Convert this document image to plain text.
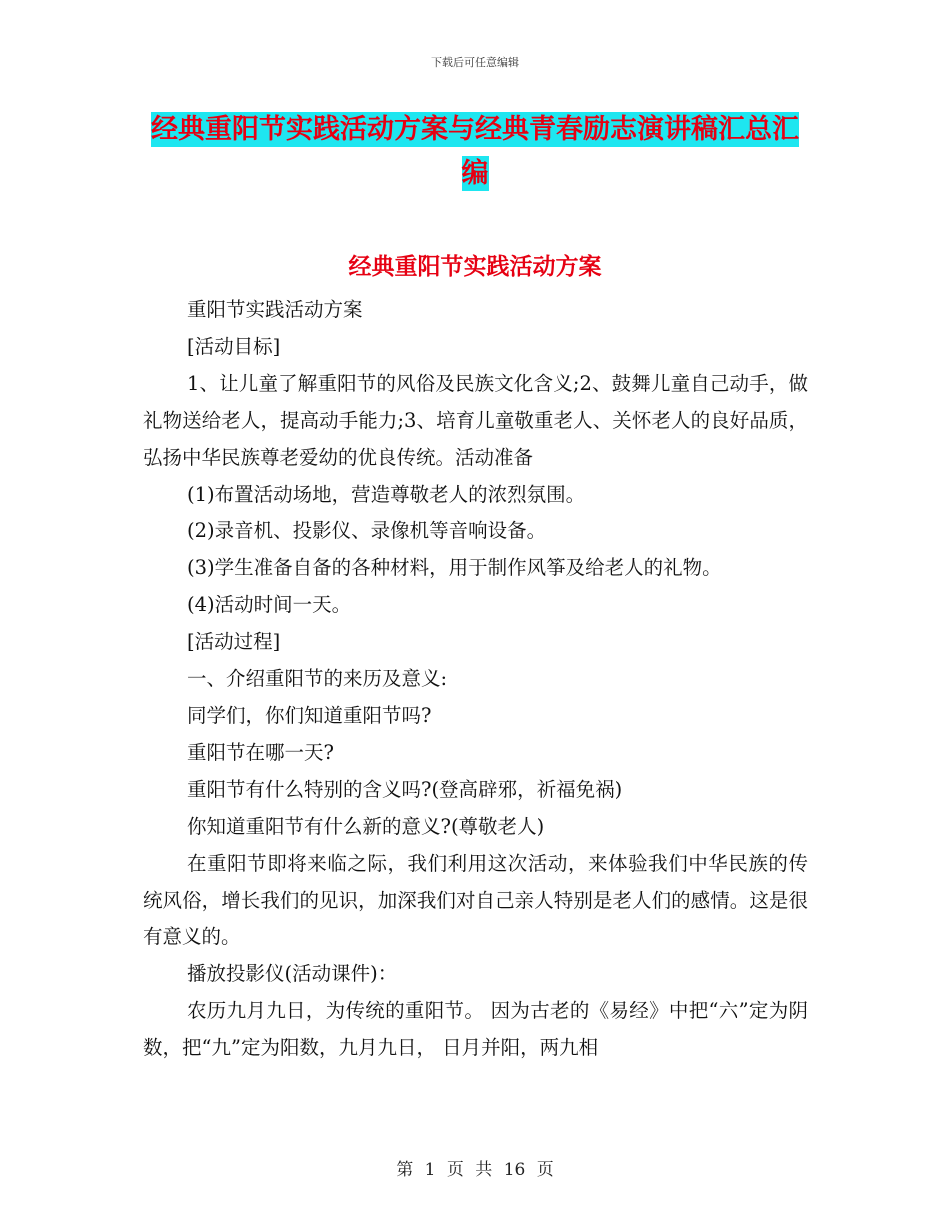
下载后可任意编辑
经典重阳节实践活动方案与经典青春励志演讲稿汇总汇编
经典重阳节实践活动方案

重阳节实践活动方案

[活动目标]

1、让儿童了解重阳节的风俗及民族文化含义;2、鼓舞儿童自己动手，做礼物送给老人，提高动手能力;3、培育儿童敬重老人、关怀老人的良好品质，弘扬中华民族尊老爱幼的优良传统。活动准备

(1)布置活动场地，营造尊敬老人的浓烈氛围。

(2)录音机、投影仪、录像机等音响设备。

(3)学生准备自备的各种材料，用于制作风筝及给老人的礼物。

(4)活动时间一天。

[活动过程]

一、介绍重阳节的来历及意义:

同学们，你们知道重阳节吗?

重阳节在哪一天?

重阳节有什么特别的含义吗?(登高辟邪，祈福免祸)

你知道重阳节有什么新的意义?(尊敬老人)

在重阳节即将来临之际，我们利用这次活动，来体验我们中华民族的传统风俗，增长我们的见识，加深我们对自己亲人特别是老人们的感情。这是很有意义的。

播放投影仪(活动课件)：

农历九月九日，为传统的重阳节。 因为古老的《易经》中把“六”定为阴数，把“九”定为阳数，九月九日， 日月并阳，两九相

第 1 页 共 16 页
